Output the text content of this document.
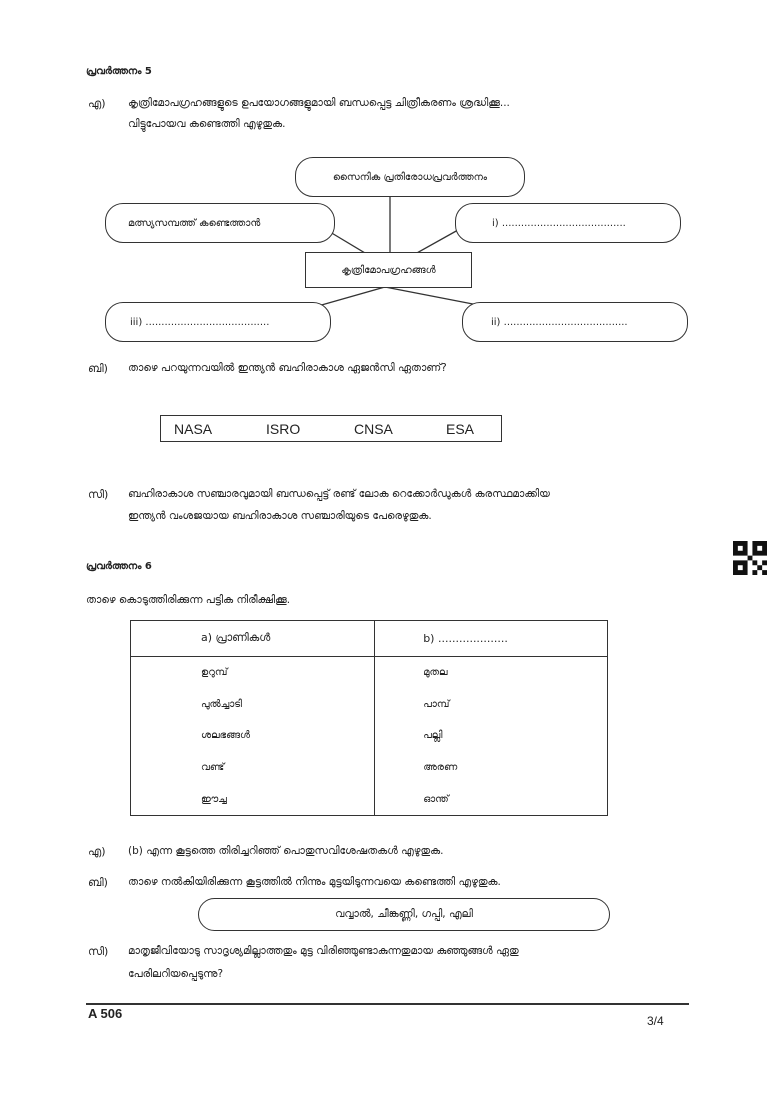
പ്രവർത്തനം 5
എ) കൃത്രിമോപഗ്രഹങ്ങളുടെ ഉപയോഗങ്ങളുമായി ബന്ധപ്പെട്ട ചിത്രീകരണം ശ്രദ്ധിക്കൂ...
വിട്ടുപോയവ കണ്ടെത്തി എഴുതുക.
സൈനിക പ്രതിരോധപ്രവർത്തനം
മത്സ്യസമ്പത്ത് കണ്ടെത്താൻ	i) .......................................
കൃത്രിമോപഗ്രഹങ്ങൾ
iii) .......................................	ii) .......................................
ബി) താഴെ പറയുന്നവയിൽ ഇന്ത്യൻ ബഹിരാകാശ ഏജൻസി ഏതാണ്?
NASA	ISRO	CNSA	ESA
സി) ബഹിരാകാശ സഞ്ചാരവുമായി ബന്ധപ്പെട്ട് രണ്ട് ലോക റെക്കോർഡുകൾ കരസ്ഥമാക്കിയ
ഇന്ത്യൻ വംശജയായ ബഹിരാകാശ സഞ്ചാരിയുടെ പേരെഴുതുക.
പ്രവർത്തനം 6
താഴെ കൊടുത്തിരിക്കുന്ന പട്ടിക നിരീക്ഷിക്കൂ.
a) പ്രാണികൾ	b) ....................
ഉറുമ്പ്	മുതല
പുൽച്ചാടി	പാമ്പ്
ശലഭങ്ങൾ	പല്ലി
വണ്ട്	അരണ
ഈച്ച	ഓന്ത്
എ) (b) എന്ന കൂട്ടത്തെ തിരിച്ചറിഞ്ഞ് പൊതുസവിശേഷതകൾ എഴുതുക.
ബി) താഴെ നൽകിയിരിക്കുന്ന കൂട്ടത്തിൽ നിന്നും മുട്ടയിടുന്നവയെ കണ്ടെത്തി എഴുതുക.
വവ്വാൽ, ചീങ്കണ്ണി, ഗപ്പി, എലി
സി) മാതൃജീവിയോടു സാദൃശ്യമില്ലാത്തതും മുട്ട വിരിഞ്ഞുണ്ടാകുന്നതുമായ കുഞ്ഞുങ്ങൾ ഏതു
പേരിലറിയപ്പെടുന്നു?
A 506	3/4
